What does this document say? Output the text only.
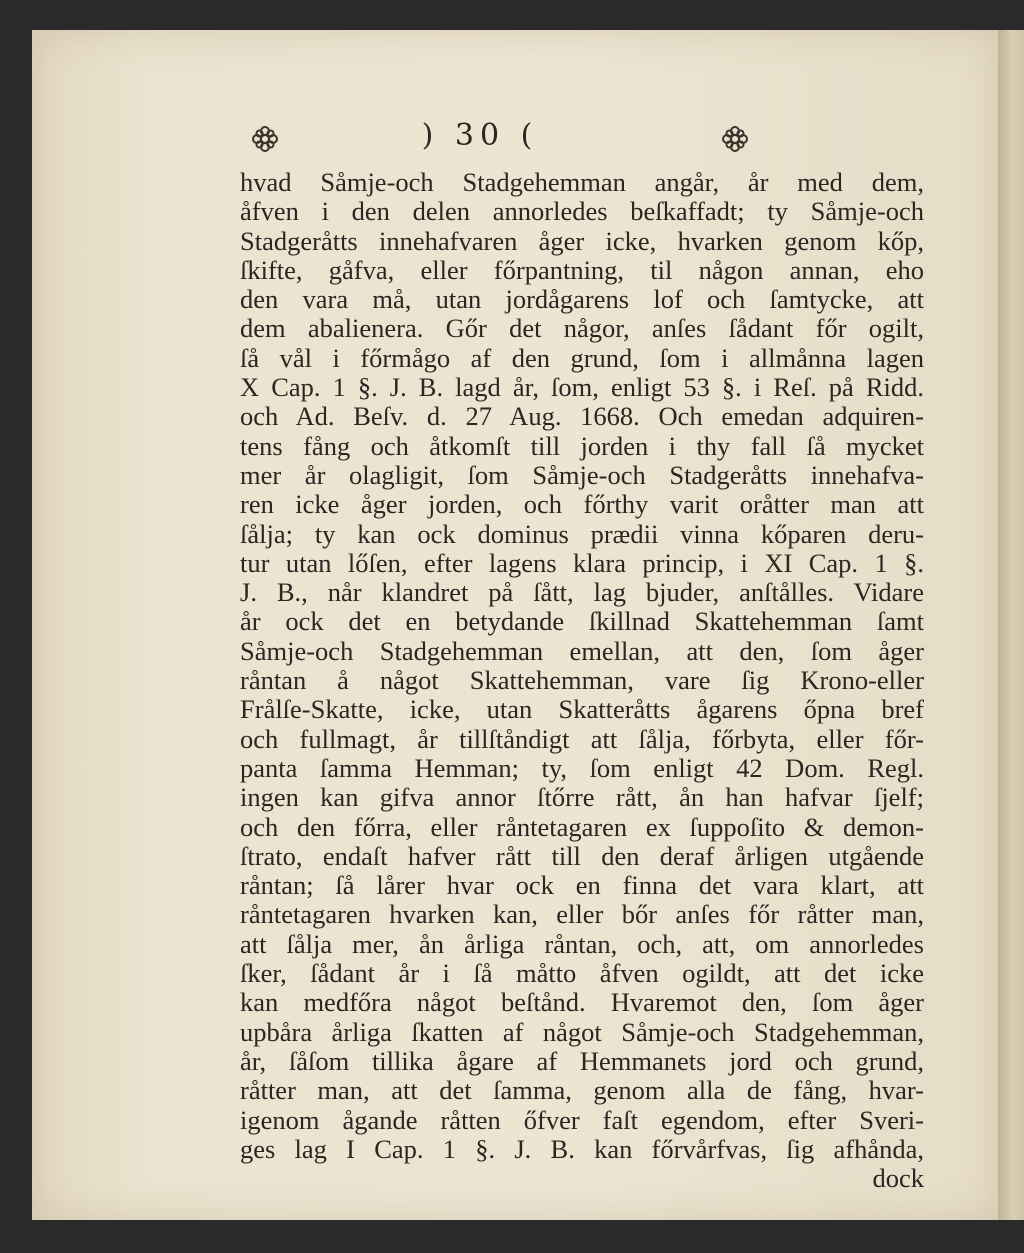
) 30 (
hvad Såmje-och Stadgehemman angår, år med dem,
åfven i den delen annorledes beſkaffadt; ty Såmje-och
Stadgeråtts innehafvaren åger icke, hvarken genom kőp,
ſkifte, gåfva, eller főrpantning, til någon annan, eho
den vara må, utan jordågarens lof och ſamtycke, att
dem abalienera. Gőr det någor, anſes ſådant főr ogilt,
ſå vål i főrmågo af den grund, ſom i allmånna lagen
X Cap. 1 §. J. B. lagd år, ſom, enligt 53 §. i Reſ. på Ridd.
och Ad. Beſv. d. 27 Aug. 1668. Och emedan adquiren-
tens fång och åtkomſt till jorden i thy fall ſå mycket
mer år olagligit, ſom Såmje-och Stadgeråtts innehafva-
ren icke åger jorden, och főrthy varit oråtter man att
ſålja; ty kan ock dominus prædii vinna kőparen deru-
tur utan lőſen, efter lagens klara princip, i XI Cap. 1 §.
J. B., når klandret på ſått, lag bjuder, anſtålles. Vidare
år ock det en betydande ſkillnad Skattehemman ſamt
Såmje-och Stadgehemman emellan, att den, ſom åger
råntan å något Skattehemman, vare ſig Krono-eller
Frålſe-Skatte, icke, utan Skatteråtts ågarens őpna bref
och fullmagt, år tillſtåndigt att ſålja, főrbyta, eller főr-
panta ſamma Hemman; ty, ſom enligt 42 Dom. Regl.
ingen kan gifva annor ſtőrre rått, ån han hafvar ſjelf;
och den főrra, eller råntetagaren ex ſuppoſito & demon-
ſtrato, endaſt hafver rått till den deraf årligen utgående
råntan; ſå lårer hvar ock en finna det vara klart, att
råntetagaren hvarken kan, eller bőr anſes főr råtter man,
att ſålja mer, ån årliga råntan, och, att, om annorledes
ſker, ſådant år i ſå måtto åfven ogildt, att det icke
kan medfőra något beſtånd. Hvaremot den, ſom åger
upbåra årliga ſkatten af något Såmje-och Stadgehemman,
år, ſåſom tillika ågare af Hemmanets jord och grund,
råtter man, att det ſamma, genom alla de fång, hvar-
igenom ågande råtten őfver faſt egendom, efter Sveri-
ges lag I Cap. 1 §. J. B. kan főrvårfvas, ſig afhånda,
dock
